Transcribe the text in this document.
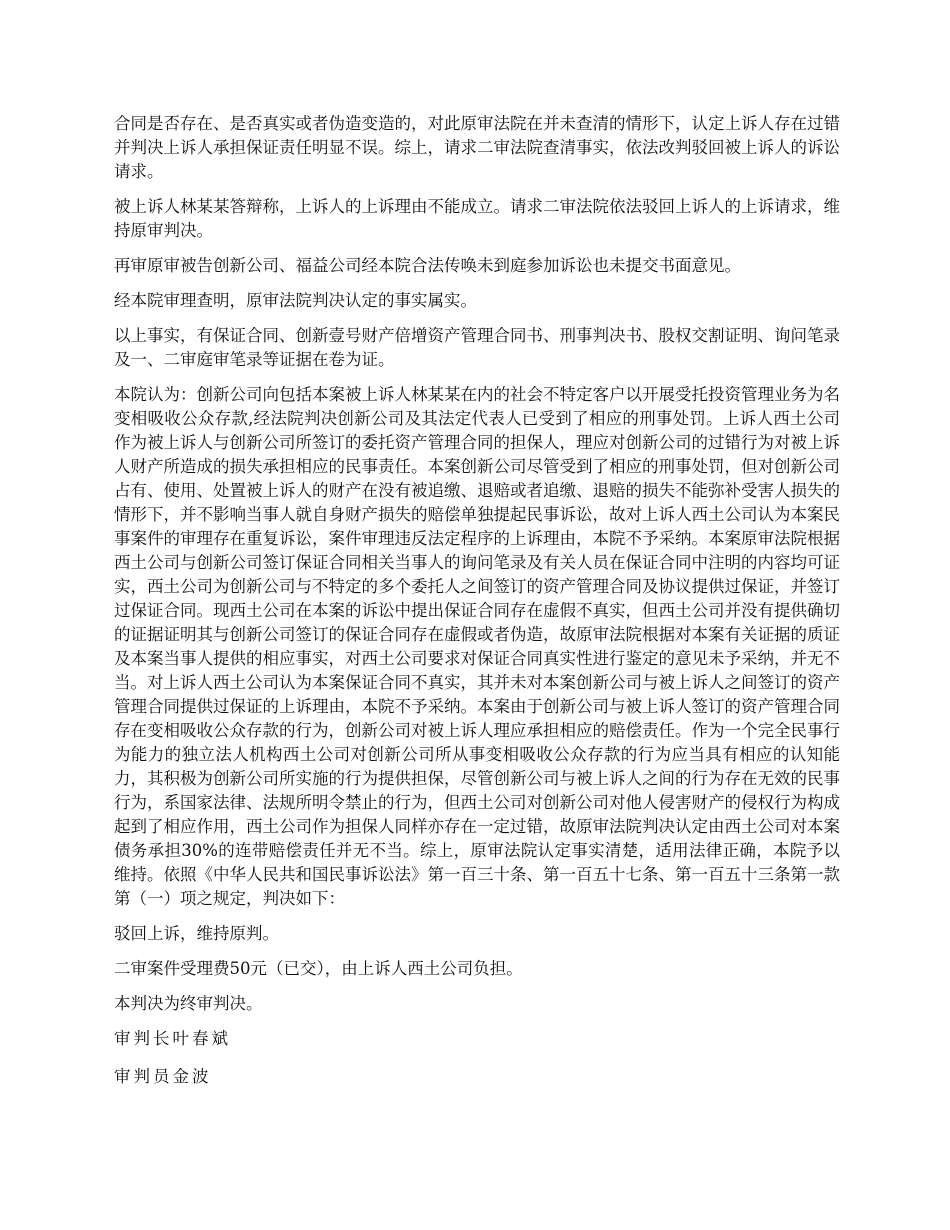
合同是否存在、是否真实或者伪造变造的，对此原审法院在并未查清的情形下，认定上诉人存在过错并判决上诉人承担保证责任明显不误。综上，请求二审法院查清事实，依法改判驳回被上诉人的诉讼请求。

被上诉人林某某答辩称，上诉人的上诉理由不能成立。请求二审法院依法驳回上诉人的上诉请求，维持原审判决。

再审原审被告创新公司、福益公司经本院合法传唤未到庭参加诉讼也未提交书面意见。

经本院审理查明，原审法院判决认定的事实属实。

以上事实，有保证合同、创新壹号财产倍增资产管理合同书、刑事判决书、股权交割证明、询问笔录及一、二审庭审笔录等证据在卷为证。

本院认为：创新公司向包括本案被上诉人林某某在内的社会不特定客户以开展受托投资管理业务为名变相吸收公众存款,经法院判决创新公司及其法定代表人已受到了相应的刑事处罚。上诉人西土公司作为被上诉人与创新公司所签订的委托资产管理合同的担保人，理应对创新公司的过错行为对被上诉人财产所造成的损失承担相应的民事责任。本案创新公司尽管受到了相应的刑事处罚，但对创新公司占有、使用、处置被上诉人的财产在没有被追缴、退赔或者追缴、退赔的损失不能弥补受害人损失的情形下，并不影响当事人就自身财产损失的赔偿单独提起民事诉讼，故对上诉人西土公司认为本案民事案件的审理存在重复诉讼，案件审理违反法定程序的上诉理由，本院不予采纳。本案原审法院根据西土公司与创新公司签订保证合同相关当事人的询问笔录及有关人员在保证合同中注明的内容均可证实，西土公司为创新公司与不特定的多个委托人之间签订的资产管理合同及协议提供过保证，并签订过保证合同。现西土公司在本案的诉讼中提出保证合同存在虚假不真实，但西土公司并没有提供确切的证据证明其与创新公司签订的保证合同存在虚假或者伪造，故原审法院根据对本案有关证据的质证及本案当事人提供的相应事实，对西土公司要求对保证合同真实性进行鉴定的意见未予采纳，并无不当。对上诉人西土公司认为本案保证合同不真实，其并未对本案创新公司与被上诉人之间签订的资产管理合同提供过保证的上诉理由，本院不予采纳。本案由于创新公司与被上诉人签订的资产管理合同存在变相吸收公众存款的行为，创新公司对被上诉人理应承担相应的赔偿责任。作为一个完全民事行为能力的独立法人机构西土公司对创新公司所从事变相吸收公众存款的行为应当具有相应的认知能力，其积极为创新公司所实施的行为提供担保，尽管创新公司与被上诉人之间的行为存在无效的民事行为，系国家法律、法规所明令禁止的行为，但西土公司对创新公司对他人侵害财产的侵权行为构成起到了相应作用，西土公司作为担保人同样亦存在一定过错，故原审法院判决认定由西土公司对本案债务承担30%的连带赔偿责任并无不当。综上，原审法院认定事实清楚，适用法律正确，本院予以维持。依照《中华人民共和国民事诉讼法》第一百三十条、第一百五十七条、第一百五十三条第一款第（一）项之规定，判决如下：

驳回上诉，维持原判。

二审案件受理费50元（已交），由上诉人西土公司负担。

本判决为终审判决。

审判长叶春斌

审判员金波
